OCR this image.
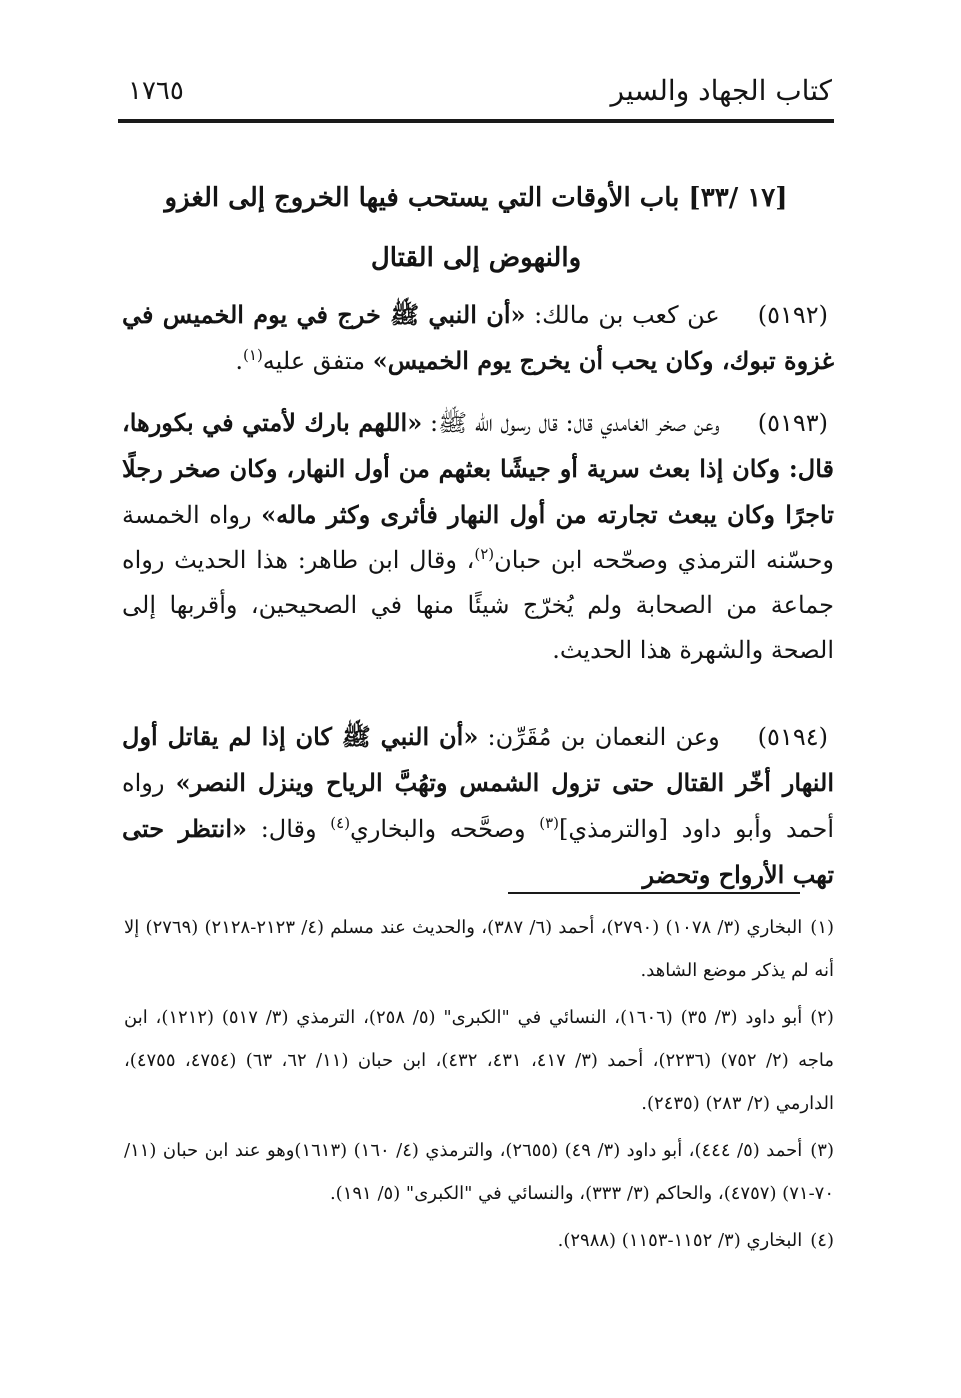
كتاب الجهاد والسير
١٧٦٥
[١٧ /٣٣] باب الأوقات التي يستحب فيها الخروج إلى الغزو
والنهوض إلى القتال

(٥١٩٢)عن كعب بن مالك: «أن النبي ﷺ خرج في يوم الخميس في غزوة تبوك، وكان يحب أن يخرج يوم الخميس» متفق عليه$^{(١)}$.

(٥١٩٣)وعن صخر الغامدي قال: قال رسول الله ﷺ: «اللهم بارك لأمتي في بكورها، قال: وكان إذا بعث سرية أو جيشًا بعثهم من أول النهار، وكان صخر رجلًا تاجرًا وكان يبعث تجارته من أول النهار فأثرى وكثر ماله» رواه الخمسة وحسّنه الترمذي وصحّحه ابن حبان$^{(٢)}$، وقال ابن طاهر: هذا الحديث رواه جماعة من الصحابة ولم يُخرّج شيئًا منها في الصحيحين، وأقربها إلى الصحة والشهرة هذا الحديث.

(٥١٩٤)وعن النعمان بن مُقَرِّن: «أن النبي ﷺ كان إذا لم يقاتل أول النهار أخّر القتال حتى تزول الشمس وتهُبَّ الرياح وينزل النصر» رواه أحمد وأبو داود [والترمذي]$^{(٣)}$ وصحَّحه والبخاري$^{(٤)}$ وقال: «انتظر حتى تهب الأرواح وتحضر

(١)البخاري (٣/ ١٠٧٨) (٢٧٩٠)، أحمد (٦/ ٣٨٧)، والحديث عند مسلم (٤/ ٢١٢٣-٢١٢٨) (٢٧٦٩) إلا أنه لم يذكر موضع الشاهد.
(٢)أبو داود (٣/ ٣٥) (١٦٠٦)، النسائي في "الكبرى" (٥/ ٢٥٨)، الترمذي (٣/ ٥١٧) (١٢١٢)، ابن ماجه (٢/ ٧٥٢) (٢٢٣٦)، أحمد (٣/ ٤١٧، ٤٣١، ٤٣٢)، ابن حبان (١١/ ٦٢، ٦٣) (٤٧٥٤، ٤٧٥٥)، الدارمي (٢/ ٢٨٣) (٢٤٣٥).
(٣)أحمد (٥/ ٤٤٤)، أبو داود (٣/ ٤٩) (٢٦٥٥)، والترمذي (٤/ ١٦٠) (١٦١٣)وهو عند ابن حبان (١١/ ٧٠-٧١) (٤٧٥٧)، والحاكم (٣/ ٣٣٣)، والنسائي في "الكبرى" (٥/ ١٩١).
(٤)البخاري (٣/ ١١٥٢-١١٥٣) (٢٩٨٨).
